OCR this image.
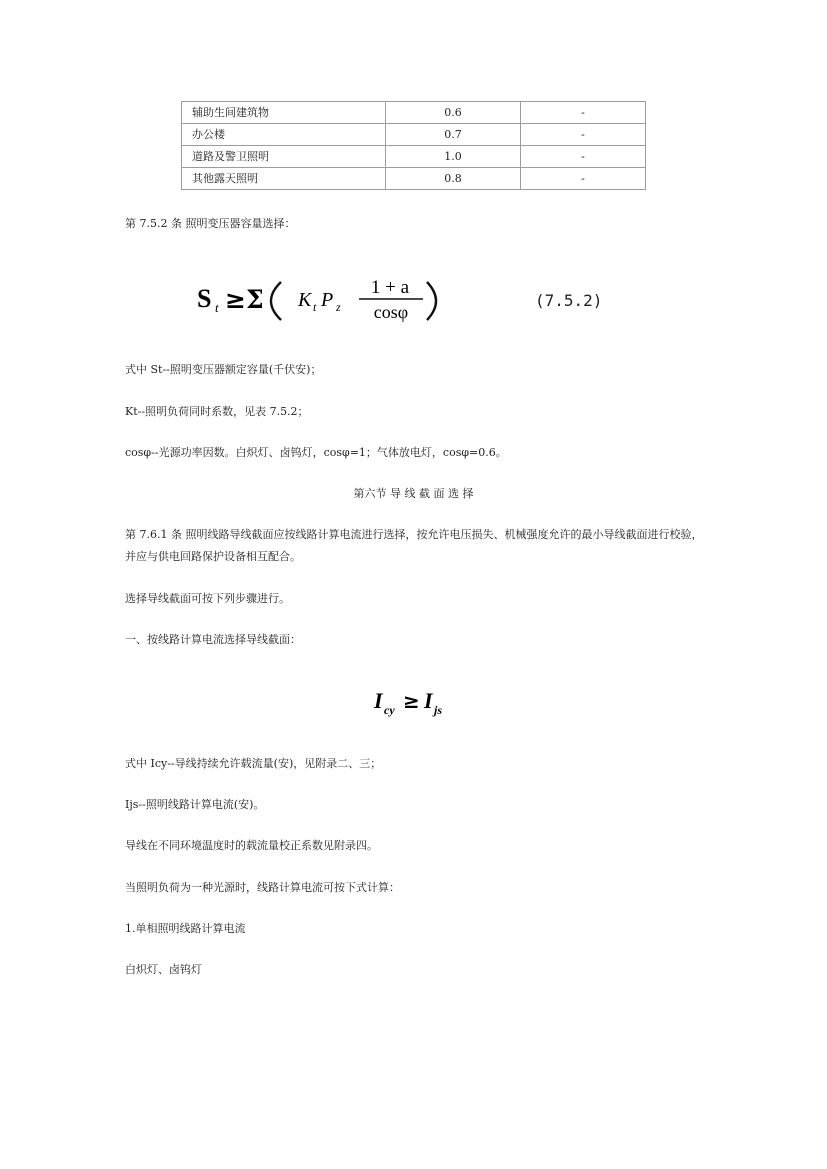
辅助生间建筑物	0.6	-
办公楼	0.7	-
道路及警卫照明	1.0	-
其他露天照明	0.8	-
第 7.5.2 条 照明变压器容量选择：
S t ≥Σ K t P z
1 + a
cosφ
(7.5.2)
式中 St--照明变压器额定容量(千伏安)；
Kt--照明负荷同时系数，见表 7.5.2；
cosφ--光源功率因数。白炽灯、卤钨灯，cosφ=1；气体放电灯，cosφ=0.6。
第六节 导 线 截 面 选 择
第 7.6.1 条 照明线路导线截面应按线路计算电流进行选择，按允许电压损失、机械强度允许的最小导线截面进行校验，并应与供电回路保护设备相互配合。
选择导线截面可按下列步骤进行。
一、按线路计算电流选择导线截面：
I cy ≥ I js
式中 Icy--导线持续允许载流量(安)，见附录二、三；
Ijs--照明线路计算电流(安)。
导线在不同环境温度时的载流量校正系数见附录四。
当照明负荷为一种光源时，线路计算电流可按下式计算：
1.单相照明线路计算电流
白炽灯、卤钨灯
